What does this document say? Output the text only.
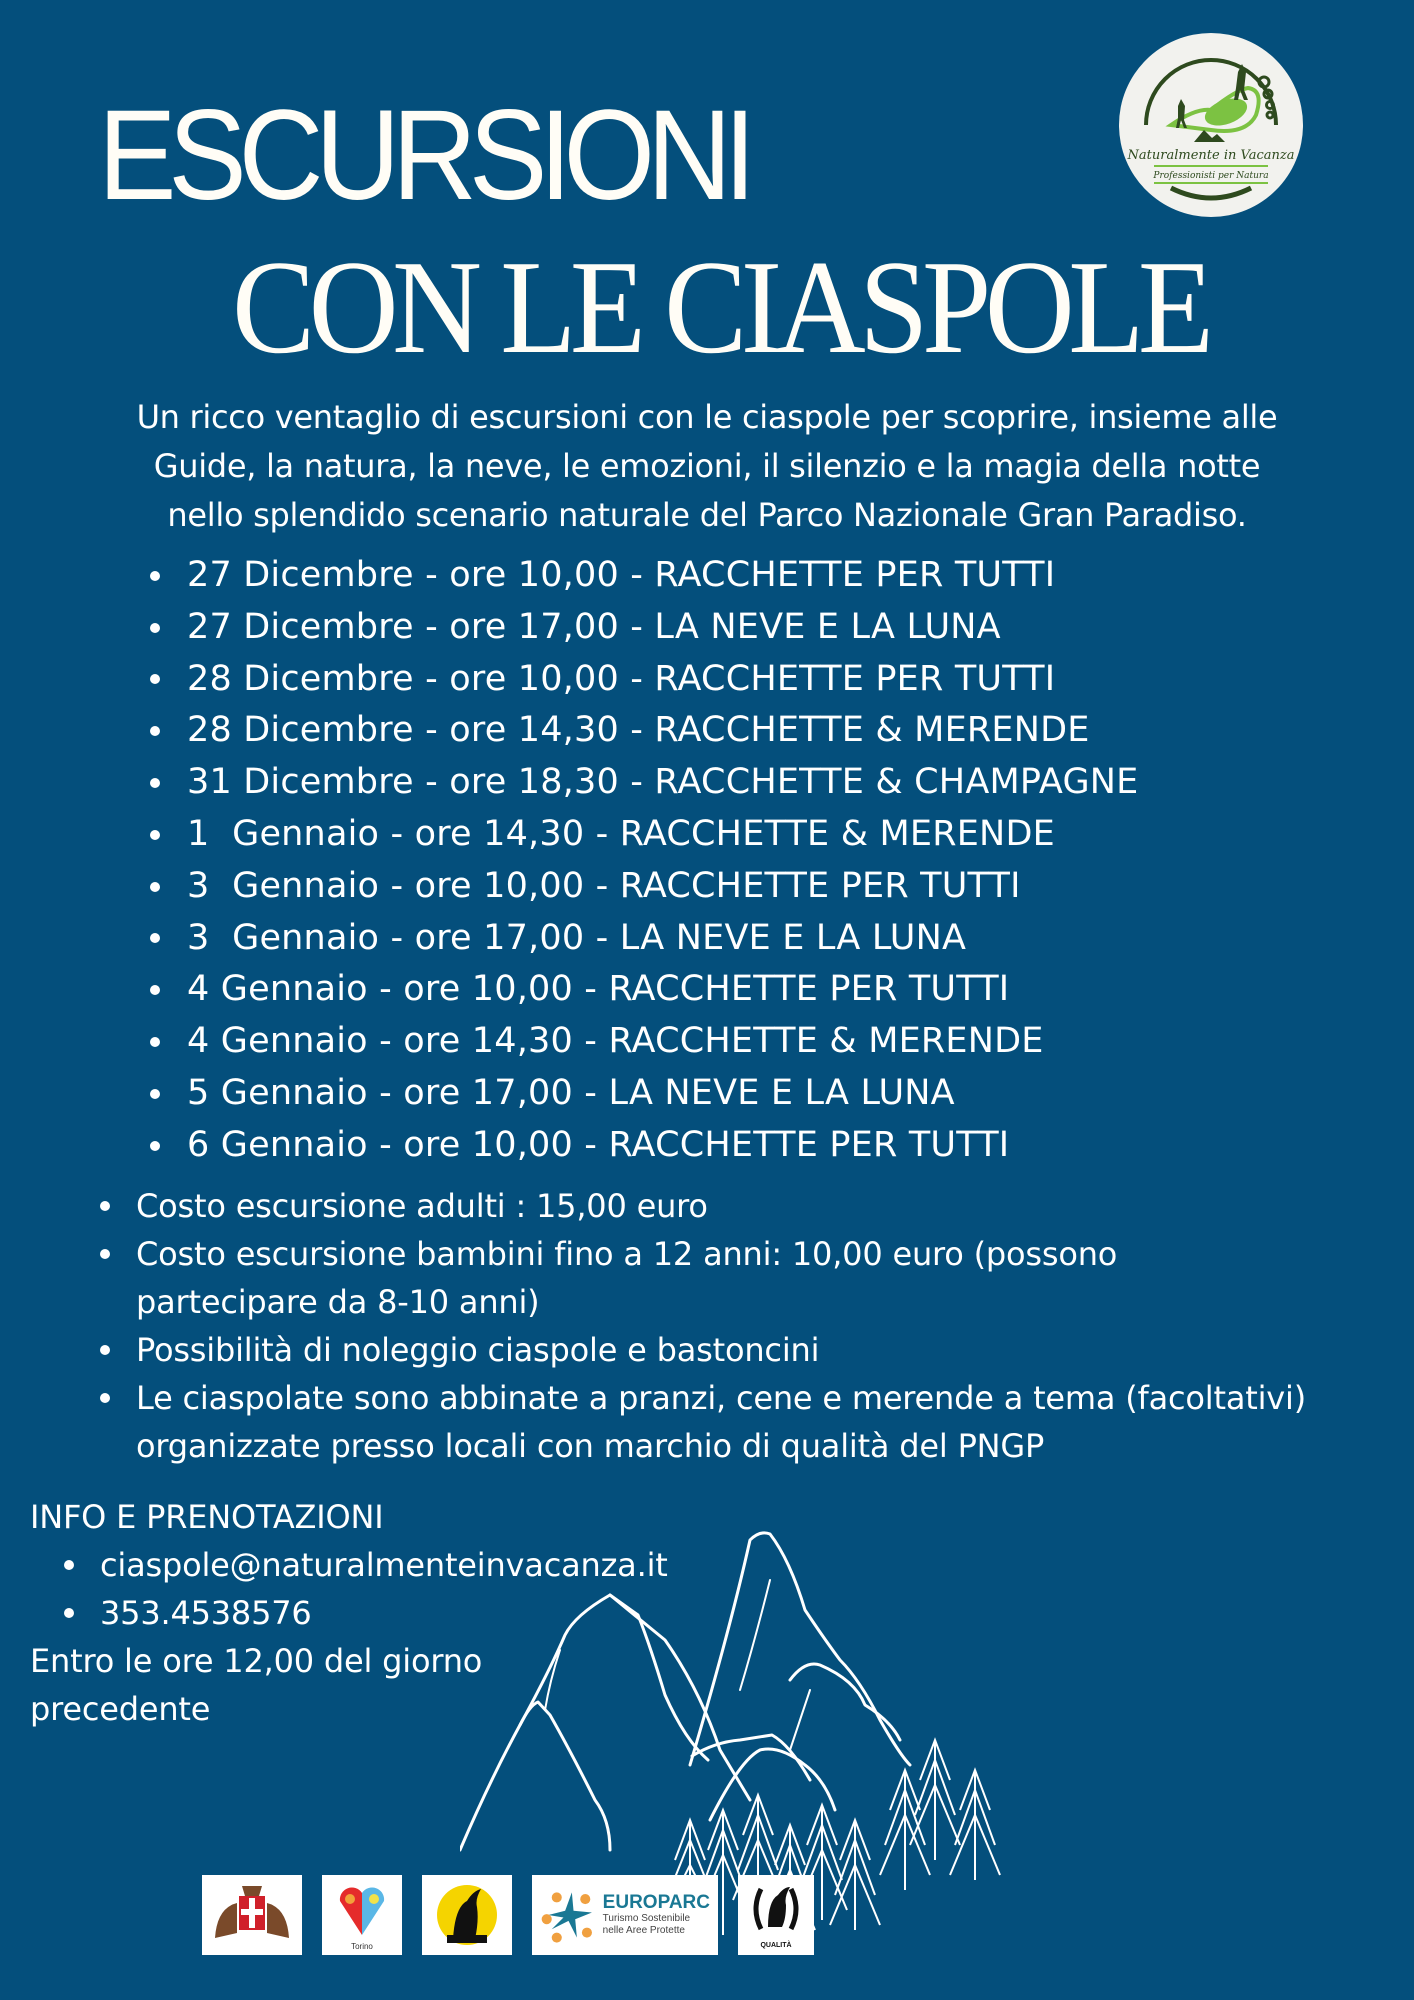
ESCURSIONI
CON LE CIASPOLE
Naturalmente in Vacanza
Professionisti per Natura
Un ricco ventaglio di escursioni con le ciaspole per scoprire, insieme alle
Guide, la natura, la neve, le emozioni, il silenzio e la magia della notte
nello splendido scenario naturale del Parco Nazionale Gran Paradiso.
27 Dicembre - ore 10,00 - RACCHETTE PER TUTTI
27 Dicembre - ore 17,00 - LA NEVE E LA LUNA
28 Dicembre - ore 10,00 - RACCHETTE PER TUTTI
28 Dicembre - ore 14,30 - RACCHETTE & MERENDE
31 Dicembre - ore 18,30 - RACCHETTE & CHAMPAGNE
1  Gennaio - ore 14,30 - RACCHETTE & MERENDE
3  Gennaio - ore 10,00 - RACCHETTE PER TUTTI
3  Gennaio - ore 17,00 - LA NEVE E LA LUNA
4 Gennaio - ore 10,00 - RACCHETTE PER TUTTI
4 Gennaio - ore 14,30 - RACCHETTE & MERENDE
5 Gennaio - ore 17,00 - LA NEVE E LA LUNA
6 Gennaio - ore 10,00 - RACCHETTE PER TUTTI
Costo escursione adulti : 15,00 euro
Costo escursione bambini fino a 12 anni: 10,00 euro (possono partecipare da 8-10 anni)
Possibilità di noleggio ciaspole e bastoncini
Le ciaspolate sono abbinate a pranzi, cene e merende a tema (facoltativi) organizzate presso locali con marchio di qualità del PNGP
INFO E PRENOTAZIONI
ciaspole@naturalmenteinvacanza.it
353.4538576
Entro le ore 12,00 del giorno
precedente
Torino
EUROPARC
Turismo Sostenibile
nelle Aree Protette
QUALITÀ
